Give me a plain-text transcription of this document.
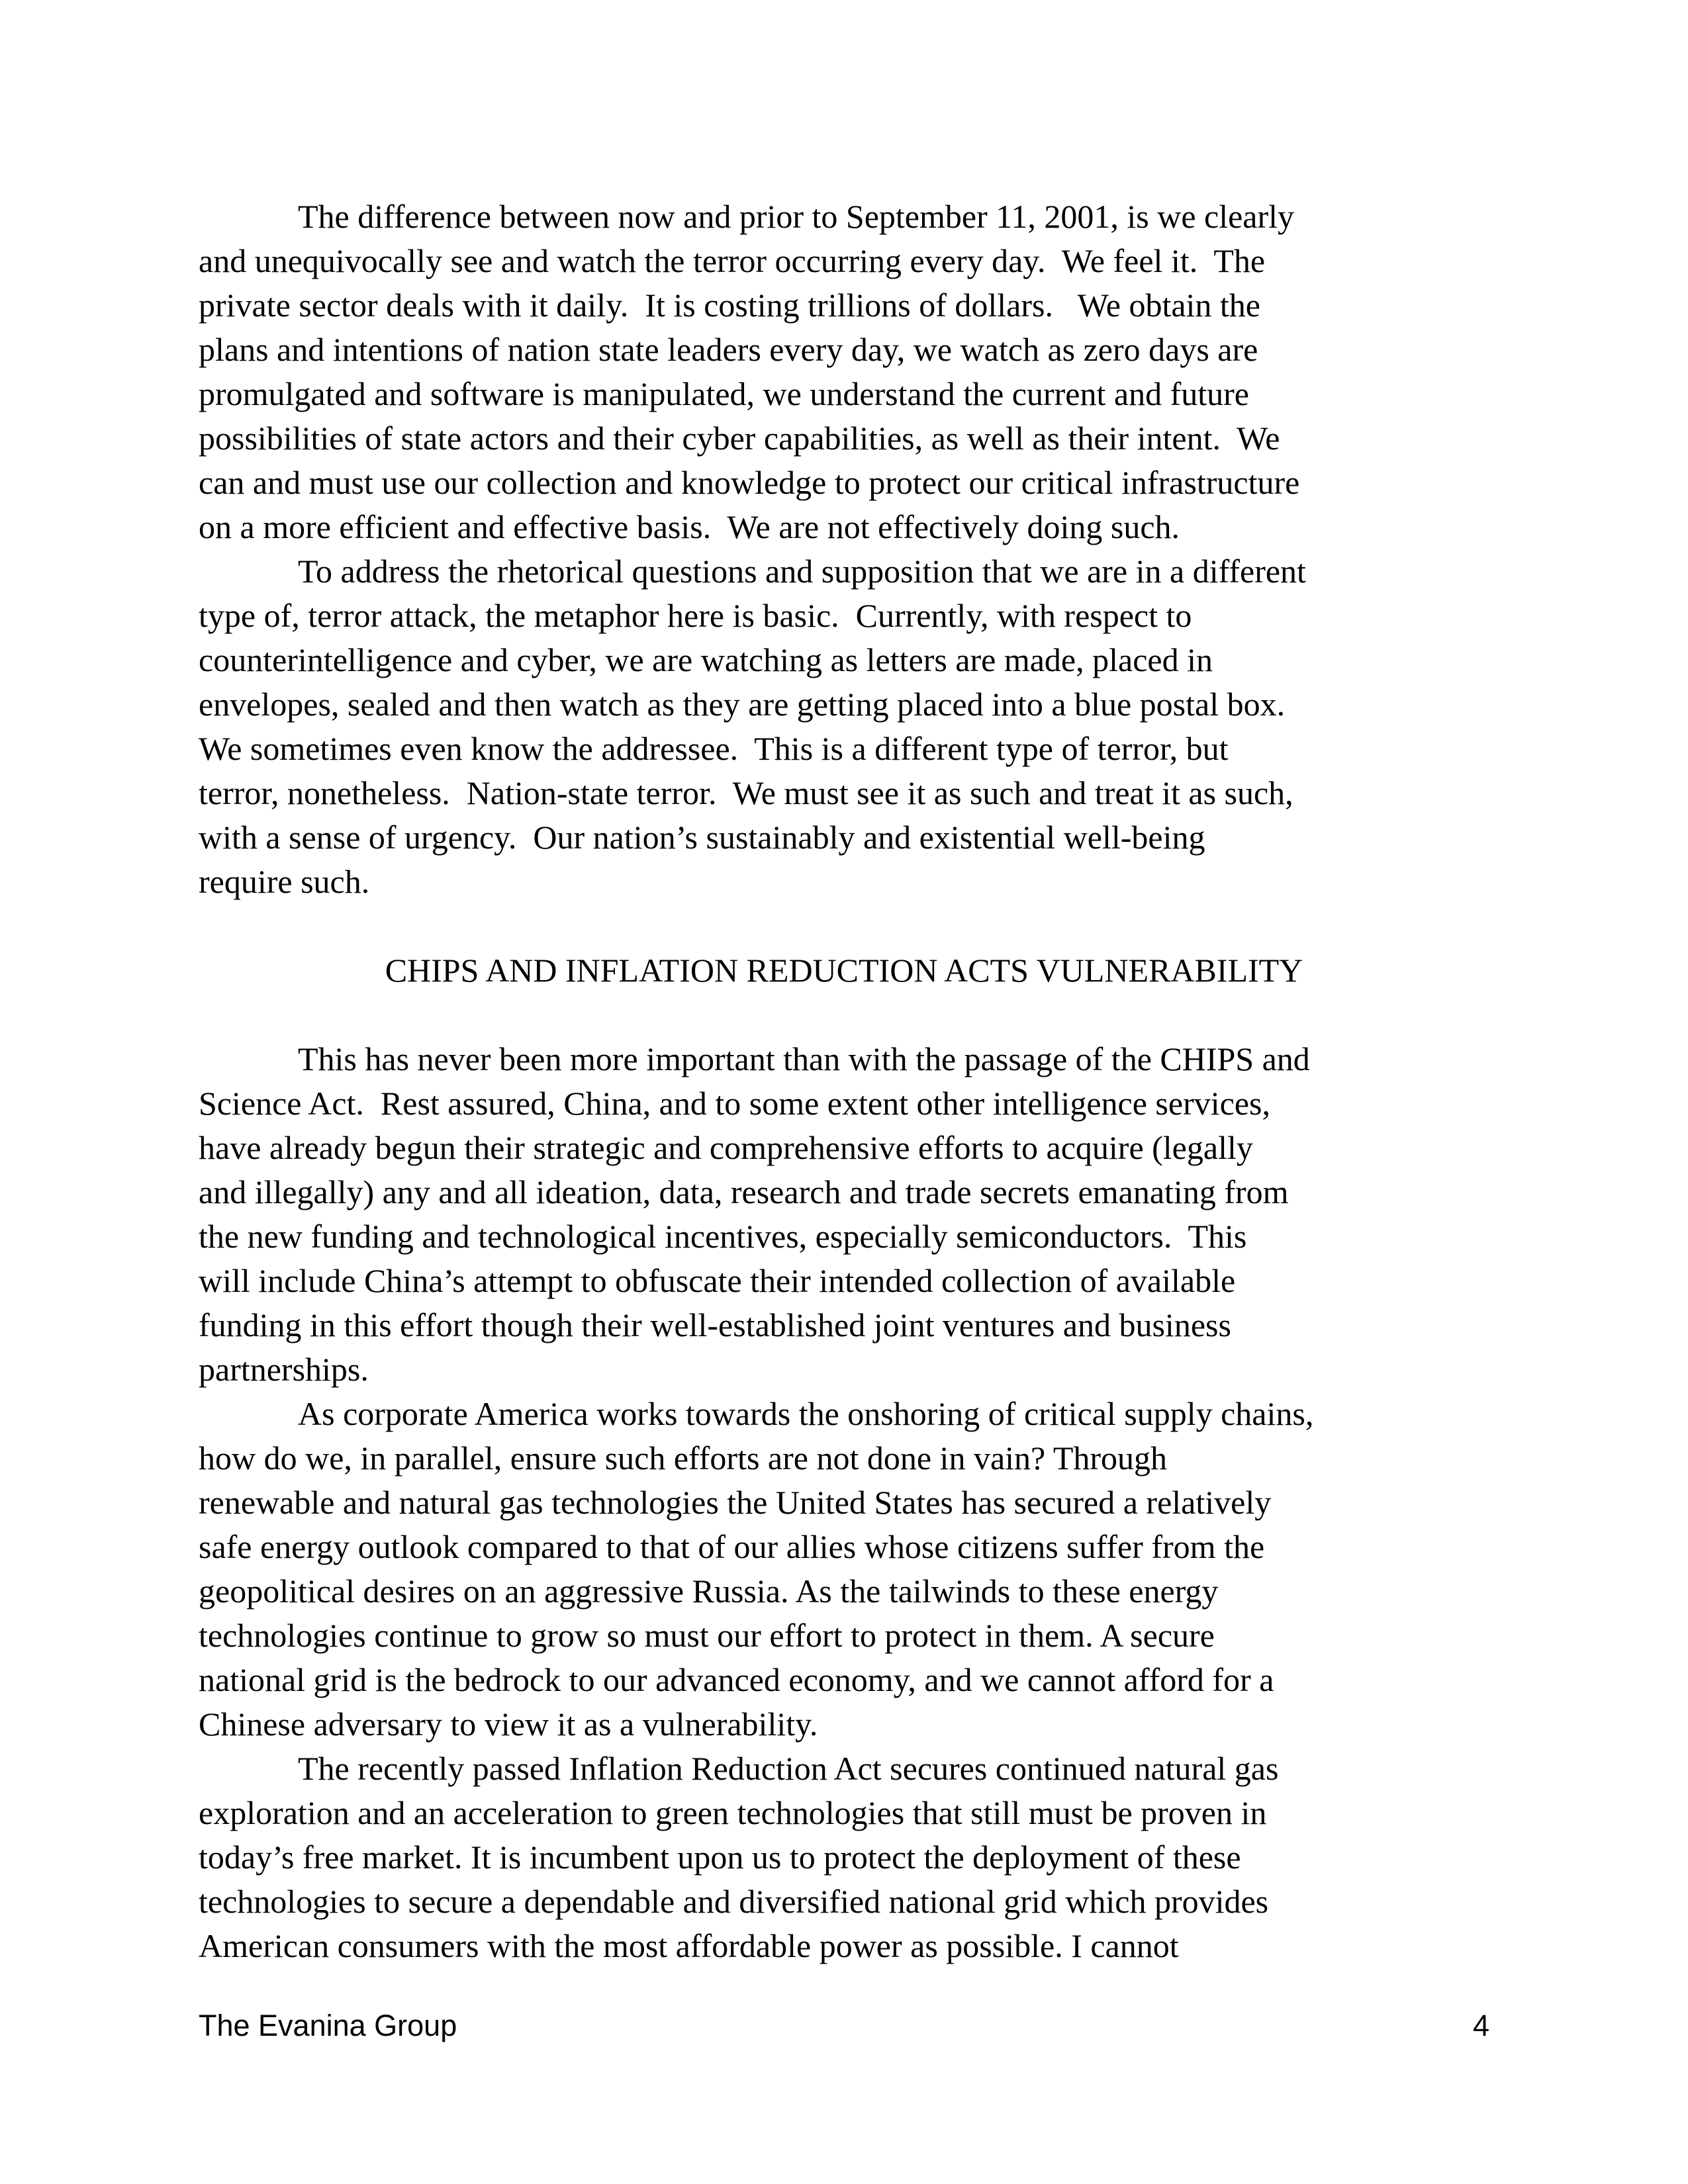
The difference between now and prior to September 11, 2001, is we clearly
and unequivocally see and watch the terror occurring every day.  We feel it.  The
private sector deals with it daily.  It is costing trillions of dollars.   We obtain the
plans and intentions of nation state leaders every day, we watch as zero days are
promulgated and software is manipulated, we understand the current and future
possibilities of state actors and their cyber capabilities, as well as their intent.  We
can and must use our collection and knowledge to protect our critical infrastructure
on a more efficient and effective basis.  We are not effectively doing such.
To address the rhetorical questions and supposition that we are in a different
type of, terror attack, the metaphor here is basic.  Currently, with respect to
counterintelligence and cyber, we are watching as letters are made, placed in
envelopes, sealed and then watch as they are getting placed into a blue postal box.
We sometimes even know the addressee.  This is a different type of terror, but
terror, nonetheless.  Nation-state terror.  We must see it as such and treat it as such,
with a sense of urgency.  Our nation’s sustainably and existential well-being
require such.
CHIPS AND INFLATION REDUCTION ACTS VULNERABILITY
This has never been more important than with the passage of the CHIPS and
Science Act.  Rest assured, China, and to some extent other intelligence services,
have already begun their strategic and comprehensive efforts to acquire (legally
and illegally) any and all ideation, data, research and trade secrets emanating from
the new funding and technological incentives, especially semiconductors.  This
will include China’s attempt to obfuscate their intended collection of available
funding in this effort though their well-established joint ventures and business
partnerships.
As corporate America works towards the onshoring of critical supply chains,
how do we, in parallel, ensure such efforts are not done in vain? Through
renewable and natural gas technologies the United States has secured a relatively
safe energy outlook compared to that of our allies whose citizens suffer from the
geopolitical desires on an aggressive Russia. As the tailwinds to these energy
technologies continue to grow so must our effort to protect in them. A secure
national grid is the bedrock to our advanced economy, and we cannot afford for a
Chinese adversary to view it as a vulnerability.
The recently passed Inflation Reduction Act secures continued natural gas
exploration and an acceleration to green technologies that still must be proven in
today’s free market. It is incumbent upon us to protect the deployment of these
technologies to secure a dependable and diversified national grid which provides
American consumers with the most affordable power as possible. I cannot
The Evanina Group	4
